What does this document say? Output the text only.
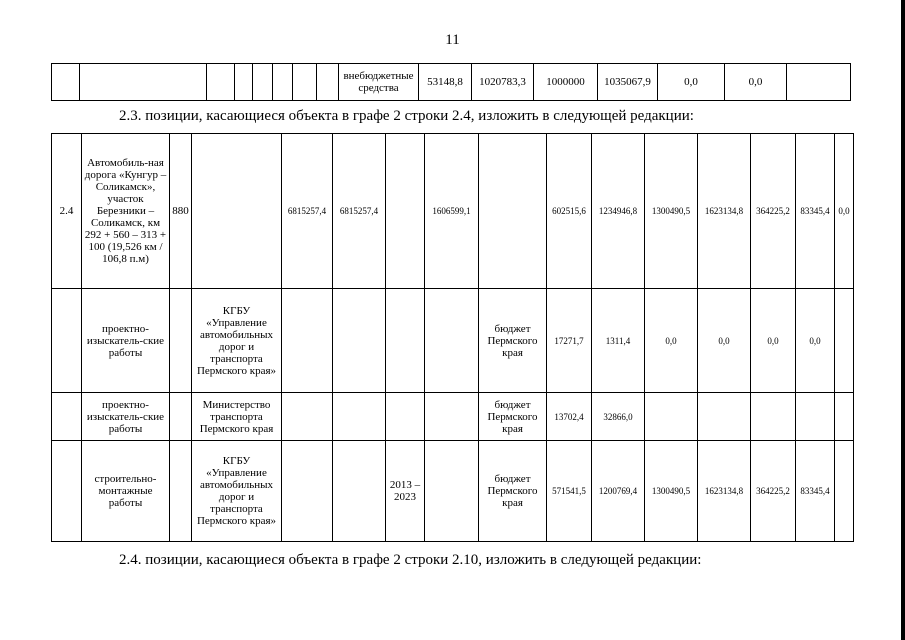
11
								внебюджетные средства	53148,8	1020783,3	1000000	1035067,9	0,0	0,0	
2.3. позиции, касающиеся объекта в графе 2 строки 2.4, изложить в следующей редакции:
2.4	Автомобиль-ная дорога «Кунгур – Соликамск», участок Березники – Соликамск, км 292 + 560 – 313 + 100 (19,526 км / 106,8 п.м)	880		6815257,4	6815257,4		1606599,1		602515,6	1234946,8	1300490,5	1623134,8	364225,2	83345,4	0,0
	проектно-изыскатель-ские работы		КГБУ «Управление автомобильных дорог и транспорта Пермского края»					бюджет Пермского края	17271,7	1311,4	0,0	0,0	0,0	0,0	
	проектно-изыскатель-ские работы		Министерство транспорта Пермского края					бюджет Пермского края	13702,4	32866,0					
	строительно-монтажные работы		КГБУ «Управление автомобильных дорог и транспорта Пермского края»			2013 – 2023		бюджет Пермского края	571541,5	1200769,4	1300490,5	1623134,8	364225,2	83345,4	
2.4. позиции, касающиеся объекта в графе 2 строки 2.10, изложить в следующей редакции:
